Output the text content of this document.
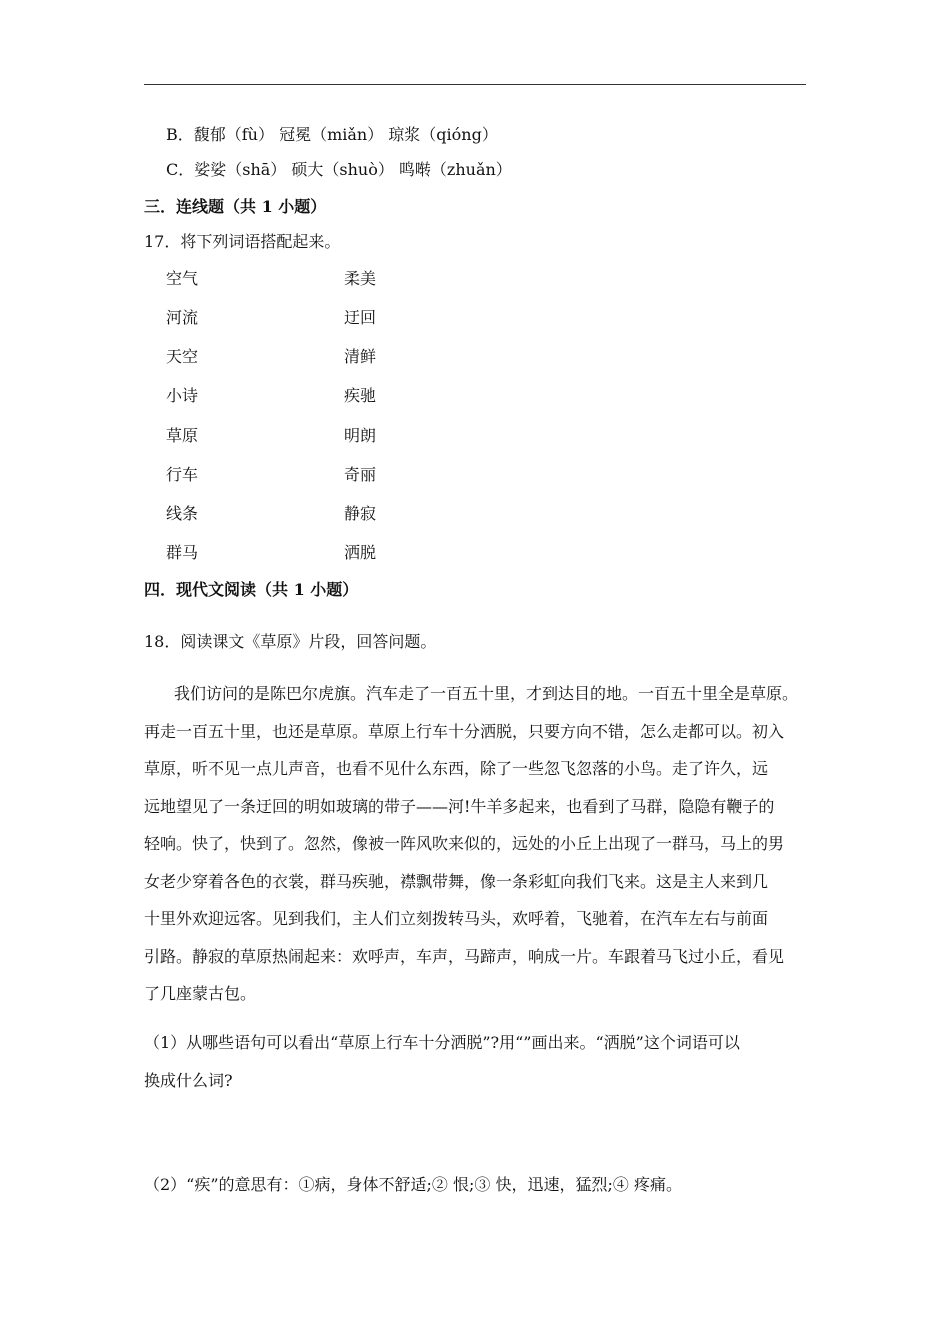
B．馥郁（fù） 冠冕（miǎn） 琼浆（qióng）
C．娑娑（shā） 硕大（shuò） 鸣啭（zhuǎn）
三．连线题（共 1 小题）
17．将下列词语搭配起来。
空气	柔美
河流	迂回
天空	清鲜
小诗	疾驰
草原	明朗
行车	奇丽
线条	静寂
群马	洒脱
四．现代文阅读（共 1 小题）
18．阅读课文《草原》片段，回答问题。
我们访问的是陈巴尔虎旗。汽车走了一百五十里，才到达目的地。一百五十里全是草原。
再走一百五十里，也还是草原。草原上行车十分洒脱，只要方向不错，怎么走都可以。初入
草原，听不见一点儿声音，也看不见什么东西，除了一些忽飞忽落的小鸟。走了许久，远
远地望见了一条迂回的明如玻璃的带子——河!牛羊多起来，也看到了马群，隐隐有鞭子的
轻响。快了，快到了。忽然，像被一阵风吹来似的，远处的小丘上出现了一群马，马上的男
女老少穿着各色的衣裳，群马疾驰，襟飘带舞，像一条彩虹向我们飞来。这是主人来到几
十里外欢迎远客。见到我们，主人们立刻拨转马头，欢呼着，飞驰着，在汽车左右与前面
引路。静寂的草原热闹起来：欢呼声，车声，马蹄声，响成一片。车跟着马飞过小丘，看见
了几座蒙古包。
（1）从哪些语句可以看出“草原上行车十分洒脱”?用“”画出来。“洒脱”这个词语可以
换成什么词?
（2）“疾”的意思有：①病，身体不舒适;② 恨;③ 快，迅速，猛烈;④ 疼痛。
